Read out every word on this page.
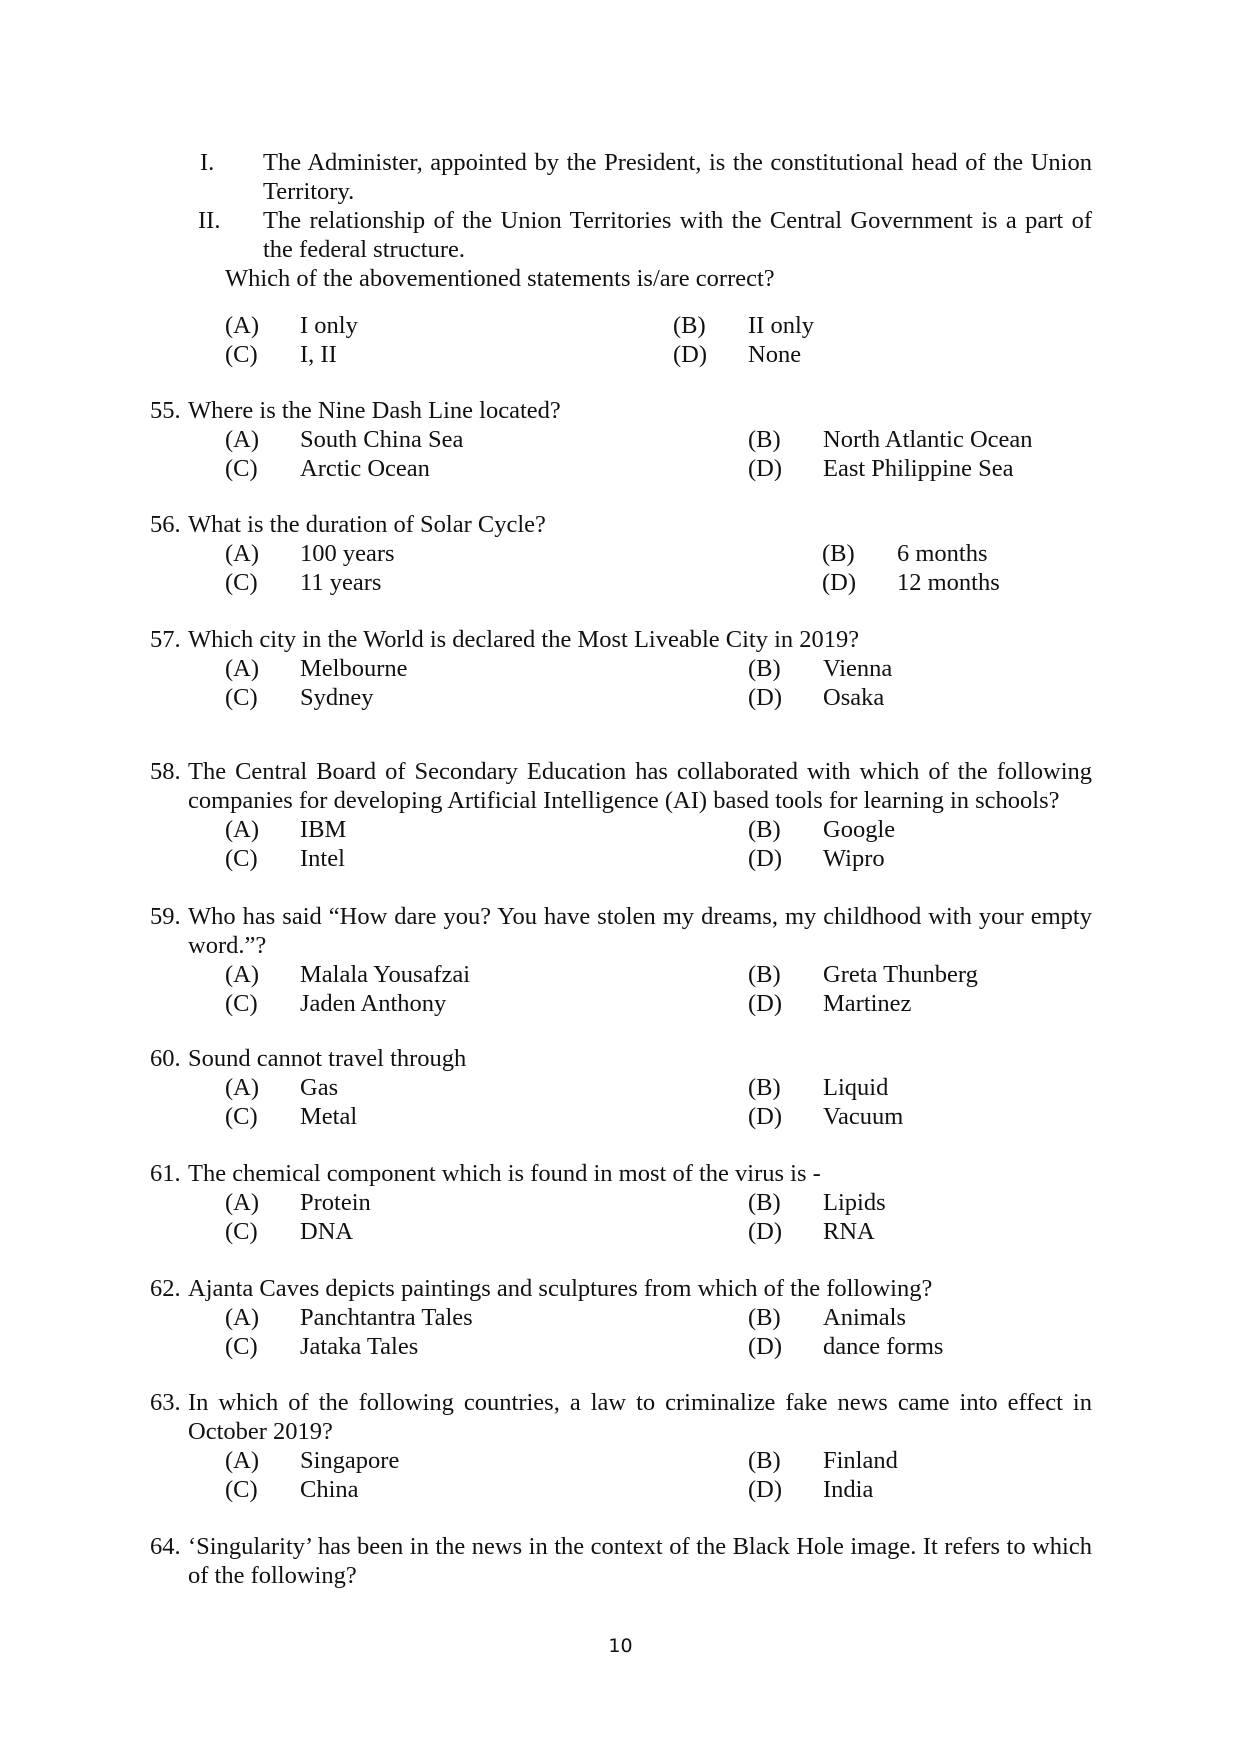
I.	The Administer, appointed by the President, is the constitutional head of the Union Territory.
II.	The relationship of the Union Territories with the Central Government is a part of the federal structure.
Which of the abovementioned statements is/are correct?
(A) I only	(B) II only
(C) I, II	(D) None
55. Where is the Nine Dash Line located?
(A) South China Sea	(B) North Atlantic Ocean
(C) Arctic Ocean	(D) East Philippine Sea
56. What is the duration of Solar Cycle?
(A) 100 years	(B) 6 months
(C) 11 years	(D) 12 months
57. Which city in the World is declared the Most Liveable City in 2019?
(A) Melbourne	(B) Vienna
(C) Sydney	(D) Osaka
58. The Central Board of Secondary Education has collaborated with which of the following companies for developing Artificial Intelligence (AI) based tools for learning in schools?
(A) IBM	(B) Google
(C) Intel	(D) Wipro
59. Who has said “How dare you? You have stolen my dreams, my childhood with your empty word.”?
(A) Malala Yousafzai	(B) Greta Thunberg
(C) Jaden Anthony	(D) Martinez
60. Sound cannot travel through
(A) Gas	(B) Liquid
(C) Metal	(D) Vacuum
61. The chemical component which is found in most of the virus is -
(A) Protein	(B) Lipids
(C) DNA	(D) RNA
62. Ajanta Caves depicts paintings and sculptures from which of the following?
(A) Panchtantra Tales	(B) Animals
(C) Jataka Tales	(D) dance forms
63. In which of the following countries, a law to criminalize fake news came into effect in October 2019?
(A) Singapore	(B) Finland
(C) China	(D) India
64. ‘Singularity’ has been in the news in the context of the Black Hole image. It refers to which of the following?
10
